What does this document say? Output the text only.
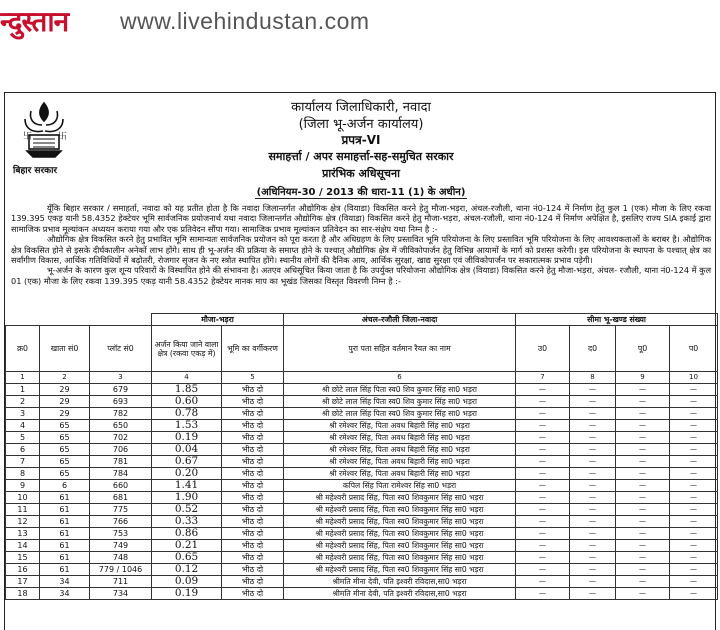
न्दुस्तान www.livehindustan.com
卐	卐
बिहार सरकार
कार्यालय जिलाधिकारी, नवादा
(जिला भू-अर्जन कार्यालय)
प्रपत्र-VI
समाहर्त्ता / अपर समाहर्त्ता-सह-समुचित सरकार
प्रारंभिक अधिसूचना
(अधिनियम-30 / 2013 की धारा-11 (1) के अधीन)

यूँकि बिहार सरकार / समाहर्ता, नवादा को यह प्रतीत होता है कि नवादा जिलान्तर्गत औद्योगिक क्षेत्र (वियाडा) विकसित करने हेतु मौजा-भड़रा, अंचल-रजौली, थाना नं0-124 में निर्माण हेतु कुल 1 (एक) मौजा के लिए रकवा 139.395 एकड़ यानी 58.4352 हेक्टेयर भूमि सार्वजनिक प्रयोजनार्थ यथा नवादा जिलान्तर्गत औद्योगिक क्षेत्र (वियाडा) विकसित करने हेतु मौजा-भड़रा, अंचल-रजौली, थाना नं0-124 में निर्माण अपेक्षित है, इसलिए राज्य SIA इकाई द्वारा सामाजिक प्रभाव मूल्यांकन अध्ययन कराया गया और एक प्रतिवेदन सौंपा गया। सामाजिक प्रभाव मूल्यांकन प्रतिवेदन का सार-संक्षेप यथा निम्न है :-

औद्योगिक क्षेत्र विकसित करने हेतु प्रभावित भूमि सामान्यतः सार्वजनिक प्रयोजन को पूरा करता है और अधिग्रहण के लिए प्रस्तावित भूमि परियोजना के लिए प्रस्तावित भूमि परियोजना के लिए आवश्यकताओं के बराबर है। औद्योगिक क्षेत्र विकसित होने से इसके दीर्घकालीन अनेकों लाभ होंगे। साथ ही भू-अर्जन की प्रक्रिया के समाप्त होने के पश्चात् औद्योगिक क्षेत्र में जीविकोपार्जन हेतु विभिन्न आयामों के मार्ग को प्रशस्त करेगी। इस परियोजना के स्थापना के पश्चात् क्षेत्र का सर्वांगीण विकास, आर्थिक गतिविधियों में बढ़ोतरी, रोजगार सृजन के नए स्त्रोत स्थापित होंगे। स्थानीय लोगों की दैनिक आय, आर्थिक सुरक्षा, खाद्य सुरक्षा एवं जीविकोपार्जन पर सकारात्मक प्रभाव पड़ेगी।

भू-अर्जन के कारण कुल शून्य परिवारों के विस्थापित होने की संभावना है। अतएव अधिसूचित किया जाता है कि उपर्युक्त परियोजना औद्योगिक क्षेत्र (वियाडा) विकसित करने हेतु मौजा-भड़रा, अंचल- रजौली, थाना नं0-124 में कुल 01 (एक) मौजा के लिए रकवा 139.395 एकड़ यानी 58.4352 हेक्टेयर मानक माप का भूखंड जिसका विस्तृत विवरणी निम्न है :-

			मौजा-भड़रा		अंचल-रजौली जिला-नवादा	सीमा भू-खण्ड संख्या			
क्र0	खाता सं0	प्लॉट सं0	अर्जन किया जाने वाला क्षेत्र (रकवा एकड़ में)	भूमि का वर्गीकरण	पुरा पता सहित वर्तमान रैयत का नाम	उ0	द0	पू0	प0
1	2	3	4	5	6	7	8	9	10
1	29	679	1.85	भीठ दो	श्री छोटे लाल सिंह पिता स्व0 शिव कुमार सिंह सा0 भड़रा	—	—	—	—
2	29	693	0.60	भीठ दो	श्री छोटे लाल सिंह पिता स्व0 शिव कुमार सिंह सा0 भड़रा	—	—	—	—
3	29	782	0.78	भीठ दो	श्री छोटे लाल सिंह पिता स्व0 शिव कुमार सिंह सा0 भड़रा	—	—	—	—
4	65	650	1.53	भीठ दो	श्री रमेश्वर सिंह, पिता अवध बिहारी सिंह सा0 भड़रा	—	—	—	—
5	65	702	0.19	भीठ दो	श्री रमेश्वर सिंह, पिता अवध बिहारी सिंह सा0 भड़रा	—	—	—	—
6	65	706	0.04	भीठ दो	श्री रमेश्वर सिंह, पिता अवध बिहारी सिंह सा0 भड़रा	—	—	—	—
7	65	781	0.67	भीठ दो	श्री रमेश्वर सिंह, पिता अवध बिहारी सिंह सा0 भड़रा	—	—	—	—
8	65	784	0.20	भीठ दो	श्री रमेश्वर सिंह, पिता अवध बिहारी सिंह सा0 भड़रा	—	—	—	—
9	6	660	1.41	भीठ दो	कपिल सिंह पिता रामेश्वर सिंह सा0 भड़रा	—	—	—	—
10	61	681	1.90	भीठ दो	श्री महेश्वरी प्रसाद सिंह, पिता स्व0 शिवकुमार सिंह सा0 भड़रा	—	—	—	—
11	61	775	0.52	भीठ दो	श्री महेश्वरी प्रसाद सिंह, पिता स्व0 शिवकुमार सिंह सा0 भड़रा	—	—	—	—
12	61	766	0.33	भीठ दो	श्री महेश्वरी प्रसाद सिंह, पिता स्व0 शिवकुमार सिंह सा0 भड़रा	—	—	—	—
13	61	753	0.86	भीठ दो	श्री महेश्वरी प्रसाद सिंह, पिता स्व0 शिवकुमार सिंह सा0 भड़रा	—	—	—	—
14	61	749	0.21	भीठ दो	श्री महेश्वरी प्रसाद सिंह, पिता स्व0 शिवकुमार सिंह सा0 भड़रा	—	—	—	—
15	61	748	0.65	भीठ दो	श्री महेश्वरी प्रसाद सिंह, पिता स्व0 शिवकुमार सिंह सा0 भड़रा	—	—	—	—
16	61	779 / 1046	0.12	भीठ दो	श्री महेश्वरी प्रसाद सिंह, पिता स्व0 शिवकुमार सिंह सा0 भड़रा	—	—	—	—
17	34	711	0.09	भीठ दो	श्रीमति मीना देवी, पति इश्वरी रविदास,सा0 भड़रा	—	—	—	—
18	34	734	0.19	भीठ दो	श्रीमति मीना देवी, पति इश्वरी रविदास,सा0 भड़रा	—	—	—	—
